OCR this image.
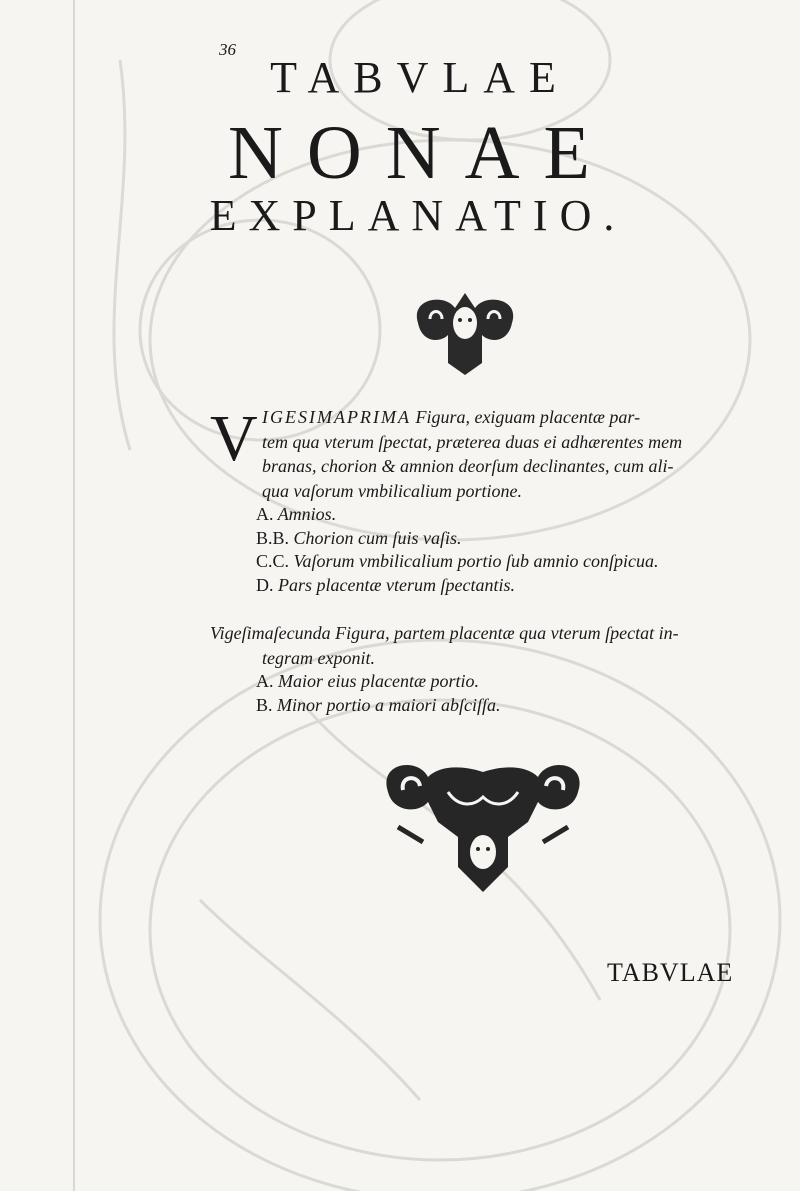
36
TABVLAE
NONAE
EXPLANATIO.
V IGESIMAPRIMA Figura, exiguam placentæ par-
tem qua vterum ſpectat, præterea duas ei adhærentes mem
branas, chorion & amnion deorſum declinantes, cum ali-
qua vaſorum vmbilicalium portione.
A. Amnios.
B.B. Chorion cum ſuis vaſis.
C.C. Vaſorum vmbilicalium portio ſub amnio conſpicua.
D. Pars placentæ vterum ſpectantis.
Vigeſimaſecunda Figura, partem placentæ qua vterum ſpectat in-
tegram exponit.
A. Maior eius placentæ portio.
B. Minor portio a maiori abſciſſa.
TABVLAE
